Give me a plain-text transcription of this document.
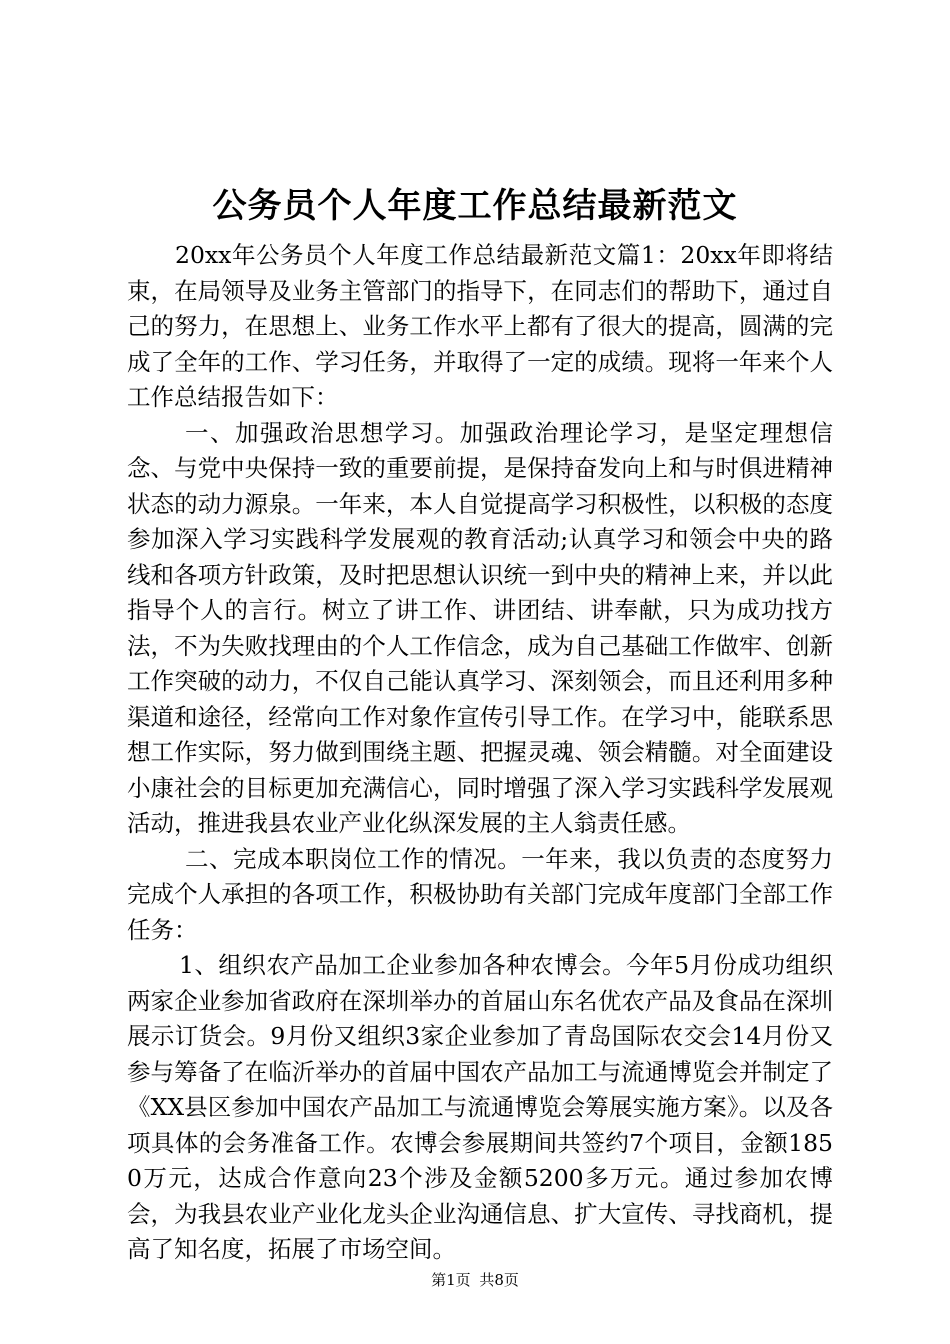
公务员个人年度工作总结最新范文

20xx年公务员个人年度工作总结最新范文篇1：20xx年即将结束，在局领导及业务主管部门的指导下，在同志们的帮助下，通过自己的努力，在思想上、业务工作水平上都有了很大的提高，圆满的完成了全年的工作、学习任务，并取得了一定的成绩。现将一年来个人工作总结报告如下：

一、加强政治思想学习。加强政治理论学习，是坚定理想信念、与党中央保持一致的重要前提，是保持奋发向上和与时俱进精神状态的动力源泉。一年来，本人自觉提高学习积极性，以积极的态度参加深入学习实践科学发展观的教育活动;认真学习和领会中央的路线和各项方针政策，及时把思想认识统一到中央的精神上来，并以此指导个人的言行。树立了讲工作、讲团结、讲奉献，只为成功找方法，不为失败找理由的个人工作信念，成为自己基础工作做牢、创新工作突破的动力，不仅自己能认真学习、深刻领会，而且还利用多种渠道和途径，经常向工作对象作宣传引导工作。在学习中，能联系思想工作实际，努力做到围绕主题、把握灵魂、领会精髓。对全面建设小康社会的目标更加充满信心，同时增强了深入学习实践科学发展观活动，推进我县农业产业化纵深发展的主人翁责任感。

二、完成本职岗位工作的情况。一年来，我以负责的态度努力完成个人承担的各项工作，积极协助有关部门完成年度部门全部工作任务：

1、组织农产品加工企业参加各种农博会。今年5月份成功组织两家企业参加省政府在深圳举办的首届山东名优农产品及食品在深圳展示订货会。9月份又组织3家企业参加了青岛国际农交会14月份又参与筹备了在临沂举办的首届中国农产品加工与流通博览会并制定了《XX县区参加中国农产品加工与流通博览会筹展实施方案》。以及各项具体的会务准备工作。农博会参展期间共签约7个项目，金额1850万元，达成合作意向23个涉及金额5200多万元。通过参加农博会，为我县农业产业化龙头企业沟通信息、扩大宣传、寻找商机，提高了知名度，拓展了市场空间。

第1页 共8页
